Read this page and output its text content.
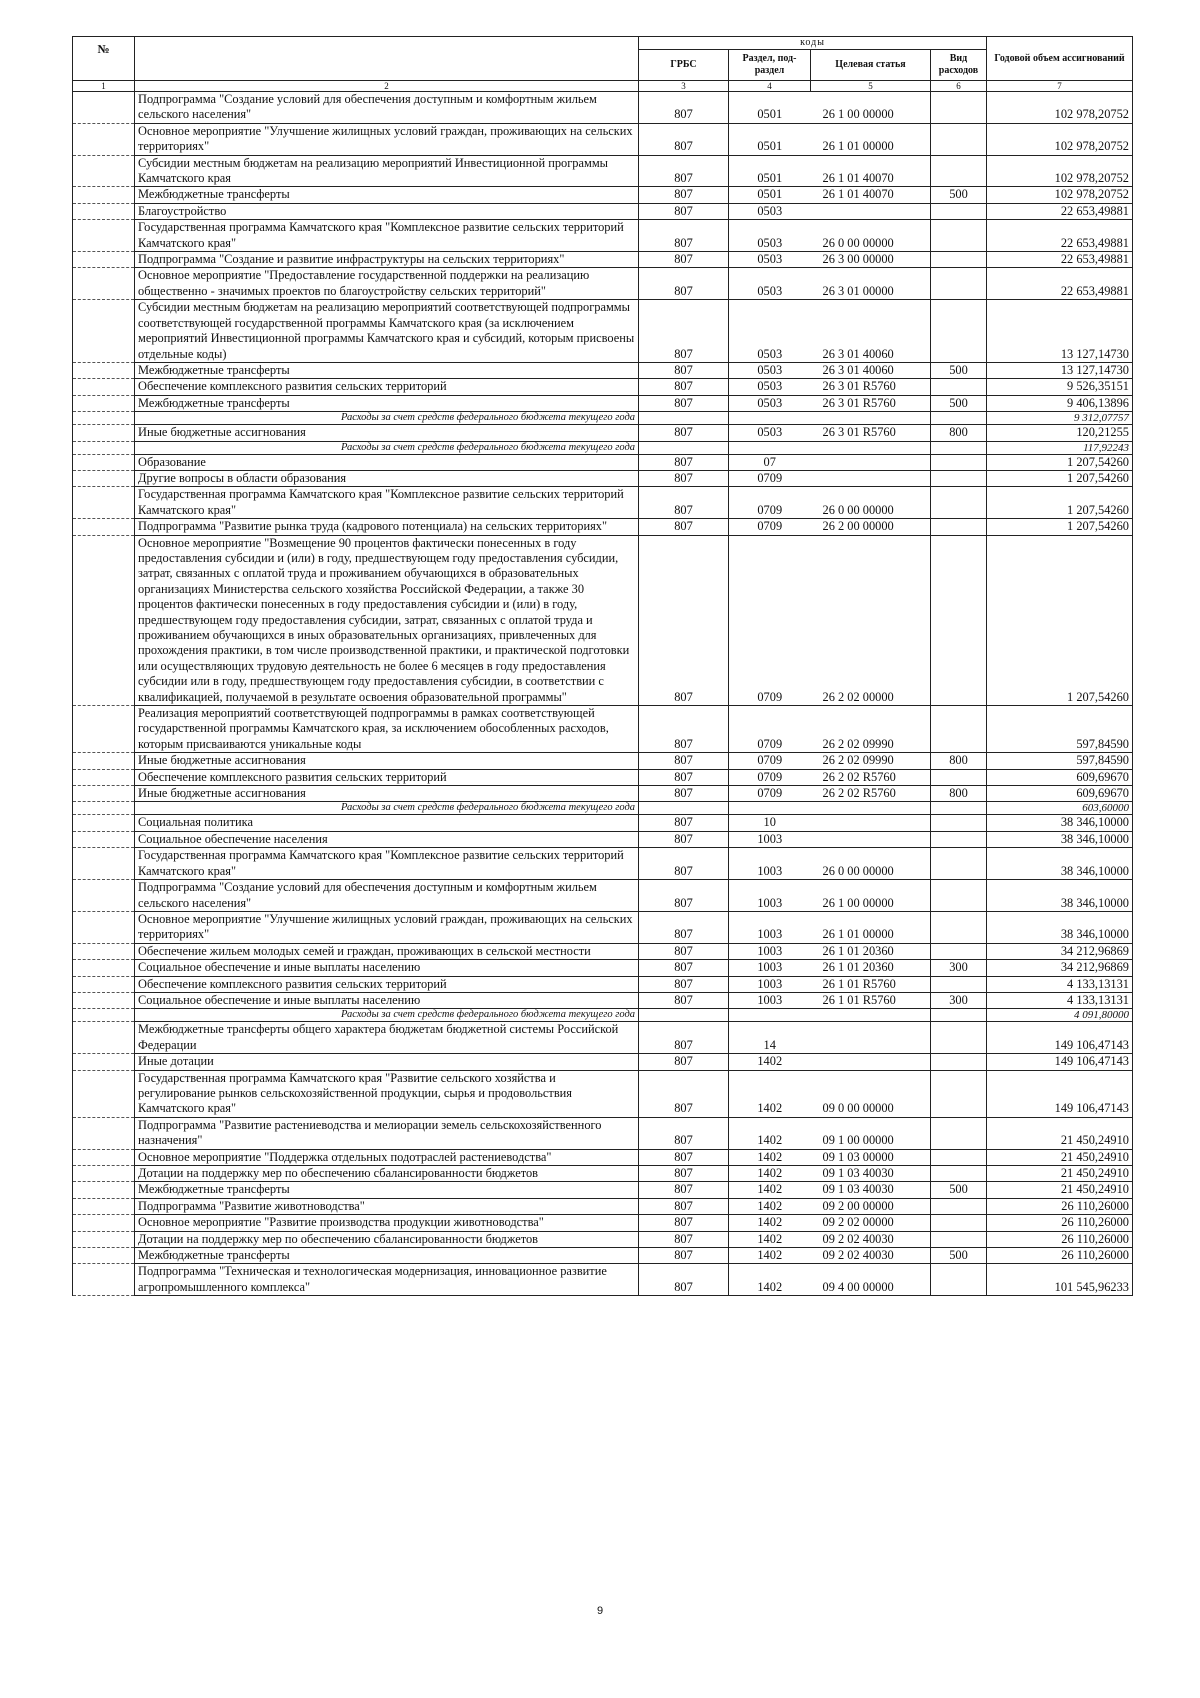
№		коды				Годовой объем ассигнований
		ГРБС	Раздел, под-раздел	Целевая статья	Вид расходов	
1	2	3	4	5	6	7
	Подпрограмма "Создание условий для обеспечения доступным и комфортным жильем сельского населения"	807	0501	26 1 00 00000		102 978,20752
	Основное мероприятие "Улучшение жилищных условий граждан, проживающих на сельских территориях"	807	0501	26 1 01 00000		102 978,20752
	Субсидии местным бюджетам на реализацию мероприятий Инвестиционной программы Камчатского края	807	0501	26 1 01 40070		102 978,20752
	Межбюджетные трансферты	807	0501	26 1 01 40070	500	102 978,20752
	Благоустройство	807	0503			22 653,49881
	Государственная программа Камчатского края "Комплексное развитие сельских территорий Камчатского края"	807	0503	26 0 00 00000		22 653,49881
	Подпрограмма "Создание и развитие инфраструктуры на сельских территориях"	807	0503	26 3 00 00000		22 653,49881
	Основное мероприятие "Предоставление государственной поддержки на реализацию общественно - значимых проектов по благоустройству сельских территорий"	807	0503	26 3 01 00000		22 653,49881
	Субсидии местным бюджетам на реализацию мероприятий соответствующей подпрограммы соответствующей государственной программы Камчатского края (за исключением мероприятий Инвестиционной программы Камчатского края и субсидий, которым присвоены отдельные коды)	807	0503	26 3 01 40060		13 127,14730
	Межбюджетные трансферты	807	0503	26 3 01 40060	500	13 127,14730
	Обеспечение комплексного развития сельских территорий	807	0503	26 3 01 R5760		9 526,35151
	Межбюджетные трансферты	807	0503	26 3 01 R5760	500	9 406,13896
	Расходы за счет средств федерального бюджета текущего года					9 312,07757
	Иные бюджетные ассигнования	807	0503	26 3 01 R5760	800	120,21255
	Расходы за счет средств федерального бюджета текущего года					117,92243
	Образование	807	07			1 207,54260
	Другие вопросы в области образования	807	0709			1 207,54260
	Государственная программа Камчатского края "Комплексное развитие сельских территорий Камчатского края"	807	0709	26 0 00 00000		1 207,54260
	Подпрограмма "Развитие рынка труда (кадрового потенциала) на сельских территориях"	807	0709	26 2 00 00000		1 207,54260
	Основное мероприятие "Возмещение 90 процентов фактически понесенных в году предоставления субсидии и (или) в году, предшествующем году предоставления субсидии, затрат, связанных с оплатой труда и проживанием обучающихся в образовательных организациях Министерства сельского хозяйства Российской Федерации, а также 30 процентов фактически понесенных в году предоставления субсидии и (или) в году, предшествующем году предоставления субсидии, затрат, связанных с оплатой труда и проживанием обучающихся в иных образовательных организациях, привлеченных для прохождения практики, в том числе производственной практики, и практической подготовки или осуществляющих трудовую деятельность не более 6 месяцев в году предоставления субсидии или в году, предшествующем году предоставления субсидии, в соответствии с квалификацией, получаемой в результате освоения образовательной программы"	807	0709	26 2 02 00000		1 207,54260
	Реализация мероприятий соответствующей подпрограммы в рамках соответствующей государственной программы Камчатского края, за исключением обособленных расходов, которым присваиваются уникальные коды	807	0709	26 2 02 09990		597,84590
	Иные бюджетные ассигнования	807	0709	26 2 02 09990	800	597,84590
	Обеспечение комплексного развития сельских территорий	807	0709	26 2 02 R5760		609,69670
	Иные бюджетные ассигнования	807	0709	26 2 02 R5760	800	609,69670
	Расходы за счет средств федерального бюджета текущего года					603,60000
	Социальная политика	807	10			38 346,10000
	Социальное обеспечение населения	807	1003			38 346,10000
	Государственная программа Камчатского края "Комплексное развитие сельских территорий Камчатского края"	807	1003	26 0 00 00000		38 346,10000
	Подпрограмма "Создание условий для обеспечения доступным и комфортным жильем сельского населения"	807	1003	26 1 00 00000		38 346,10000
	Основное мероприятие "Улучшение жилищных условий граждан, проживающих на сельских территориях"	807	1003	26 1 01 00000		38 346,10000
	Обеспечение жильем молодых семей и граждан, проживающих в сельской местности	807	1003	26 1 01 20360		34 212,96869
	Социальное обеспечение и иные выплаты населению	807	1003	26 1 01 20360	300	34 212,96869
	Обеспечение комплексного развития сельских территорий	807	1003	26 1 01 R5760		4 133,13131
	Социальное обеспечение и иные выплаты населению	807	1003	26 1 01 R5760	300	4 133,13131
	Расходы за счет средств федерального бюджета текущего года					4 091,80000
	Межбюджетные трансферты общего характера бюджетам бюджетной системы Российской Федерации	807	14			149 106,47143
	Иные дотации	807	1402			149 106,47143
	Государственная программа Камчатского края "Развитие сельского хозяйства и регулирование рынков сельскохозяйственной продукции, сырья и продовольствия Камчатского края"	807	1402	09 0 00 00000		149 106,47143
	Подпрограмма "Развитие растениеводства и мелиорации земель сельскохозяйственного назначения"	807	1402	09 1 00 00000		21 450,24910
	Основное мероприятие "Поддержка отдельных подотраслей растениеводства"	807	1402	09 1 03 00000		21 450,24910
	Дотации на поддержку мер по обеспечению сбалансированности бюджетов	807	1402	09 1 03 40030		21 450,24910
	Межбюджетные трансферты	807	1402	09 1 03 40030	500	21 450,24910
	Подпрограмма "Развитие животноводства"	807	1402	09 2 00 00000		26 110,26000
	Основное мероприятие "Развитие производства продукции животноводства"	807	1402	09 2 02 00000		26 110,26000
	Дотации на поддержку мер по обеспечению сбалансированности бюджетов	807	1402	09 2 02 40030		26 110,26000
	Межбюджетные трансферты	807	1402	09 2 02 40030	500	26 110,26000
	Подпрограмма "Техническая и технологическая модернизация, инновационное развитие агропромышленного комплекса"	807	1402	09 4 00 00000		101 545,96233
9
